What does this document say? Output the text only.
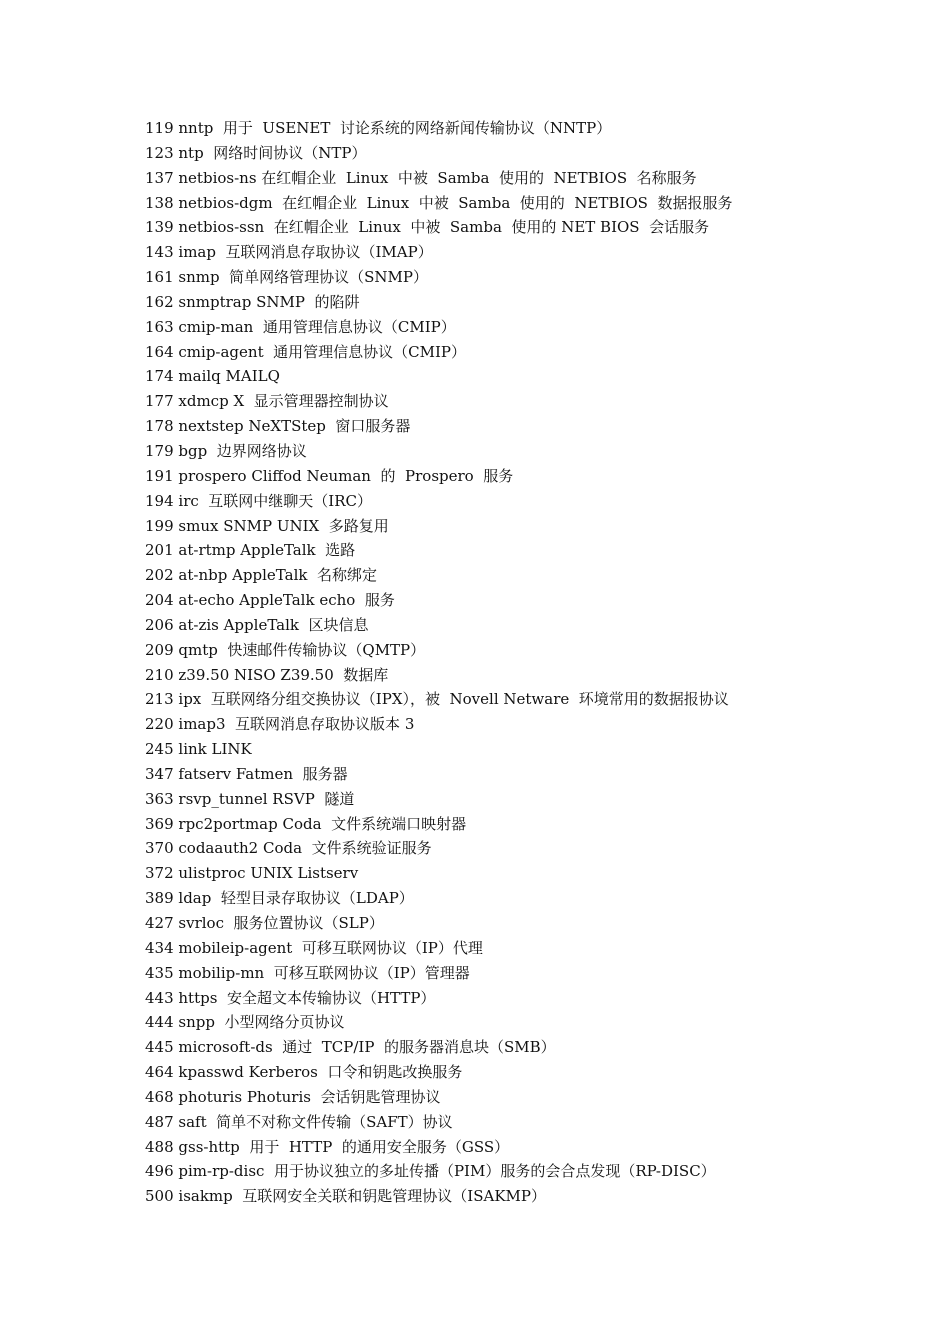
119 nntp  用于  USENET  讨论系统的网络新闻传输协议（NNTP）
123 ntp  网络时间协议（NTP）
137 netbios-ns 在红帽企业  Linux  中被  Samba  使用的  NETBIOS  名称服务
138 netbios-dgm  在红帽企业  Linux  中被  Samba  使用的  NETBIOS  数据报服务
139 netbios-ssn  在红帽企业  Linux  中被  Samba  使用的 NET BIOS  会话服务
143 imap  互联网消息存取协议（IMAP）
161 snmp  简单网络管理协议（SNMP）
162 snmptrap SNMP  的陷阱
163 cmip-man  通用管理信息协议（CMIP）
164 cmip-agent  通用管理信息协议（CMIP）
174 mailq MAILQ
177 xdmcp X  显示管理器控制协议
178 nextstep NeXTStep  窗口服务器
179 bgp  边界网络协议
191 prospero Cliffod Neuman  的  Prospero  服务
194 irc  互联网中继聊天（IRC）
199 smux SNMP UNIX  多路复用
201 at-rtmp AppleTalk  选路
202 at-nbp AppleTalk  名称绑定
204 at-echo AppleTalk echo  服务
206 at-zis AppleTalk  区块信息
209 qmtp  快速邮件传输协议（QMTP）
210 z39.50 NISO Z39.50  数据库
213 ipx  互联网络分组交换协议（IPX），被  Novell Netware  环境常用的数据报协议
220 imap3  互联网消息存取协议版本 3
245 link LINK
347 fatserv Fatmen  服务器
363 rsvp_tunnel RSVP  隧道
369 rpc2portmap Coda  文件系统端口映射器
370 codaauth2 Coda  文件系统验证服务
372 ulistproc UNIX Listserv
389 ldap  轻型目录存取协议（LDAP）
427 svrloc  服务位置协议（SLP）
434 mobileip-agent  可移互联网协议（IP）代理
435 mobilip-mn  可移互联网协议（IP）管理器
443 https  安全超文本传输协议（HTTP）
444 snpp  小型网络分页协议
445 microsoft-ds  通过  TCP/IP  的服务器消息块（SMB）
464 kpasswd Kerberos  口令和钥匙改换服务
468 photuris Photuris  会话钥匙管理协议
487 saft  简单不对称文件传输（SAFT）协议
488 gss-http  用于  HTTP  的通用安全服务（GSS）
496 pim-rp-disc  用于协议独立的多址传播（PIM）服务的会合点发现（RP-DISC）
500 isakmp  互联网安全关联和钥匙管理协议（ISAKMP）
